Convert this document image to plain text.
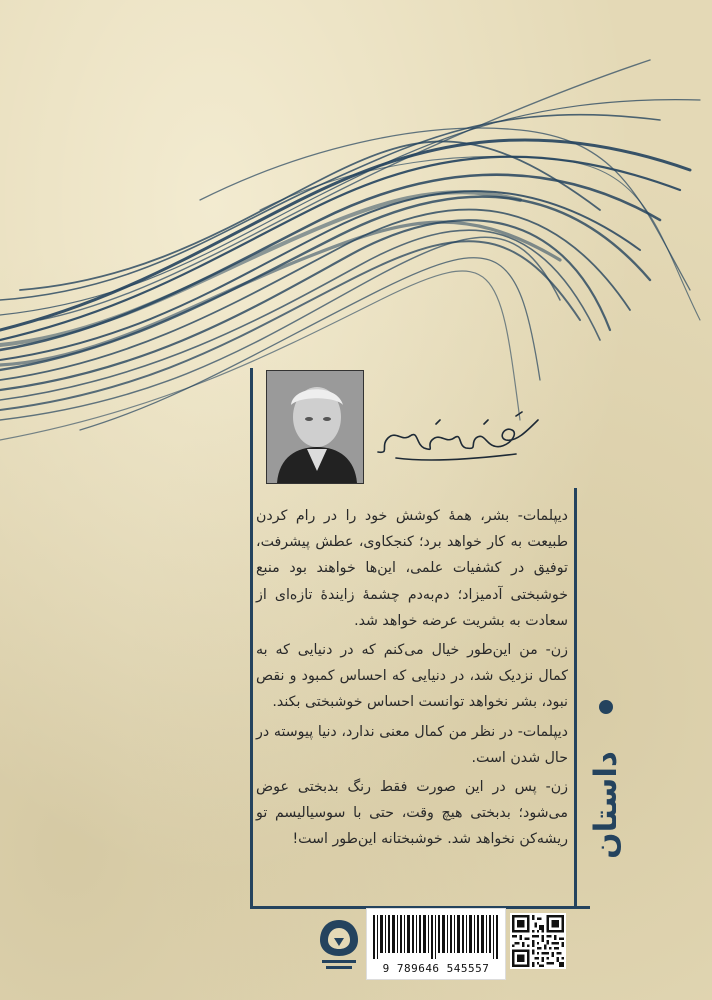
دیپلمات- بشر، همهٔ کوشش خود را در رام کردن طبیعت به کار خواهد برد؛ کنجکاوی، عطش پیشرفت، توفیق در کشفیات علمی، این‌ها خواهند بود منبع خوشبختی آدمیزاد؛ دم‌به‌دم چشمهٔ زایندهٔ تازه‌ای از سعادت به بشریت عرضه خواهد شد.

زن- من این‌طور خیال می‌کنم که در دنیایی که به کمال نزدیک شد، در دنیایی که احساس کمبود و نقص نبود، بشر نخواهد توانست احساس خوشبختی بکند.

دیپلمات- در نظر من کمال معنی ندارد، دنیا پیوسته در حال شدن است.

زن- پس در این صورت فقط رنگ بدبختی عوض می‌شود؛ بدبختی هیچ وقت، حتی با سوسیالیسم تو ریشه‌کن نخواهد شد. خوشبختانه این‌طور است! داستان
9 789646 545557
